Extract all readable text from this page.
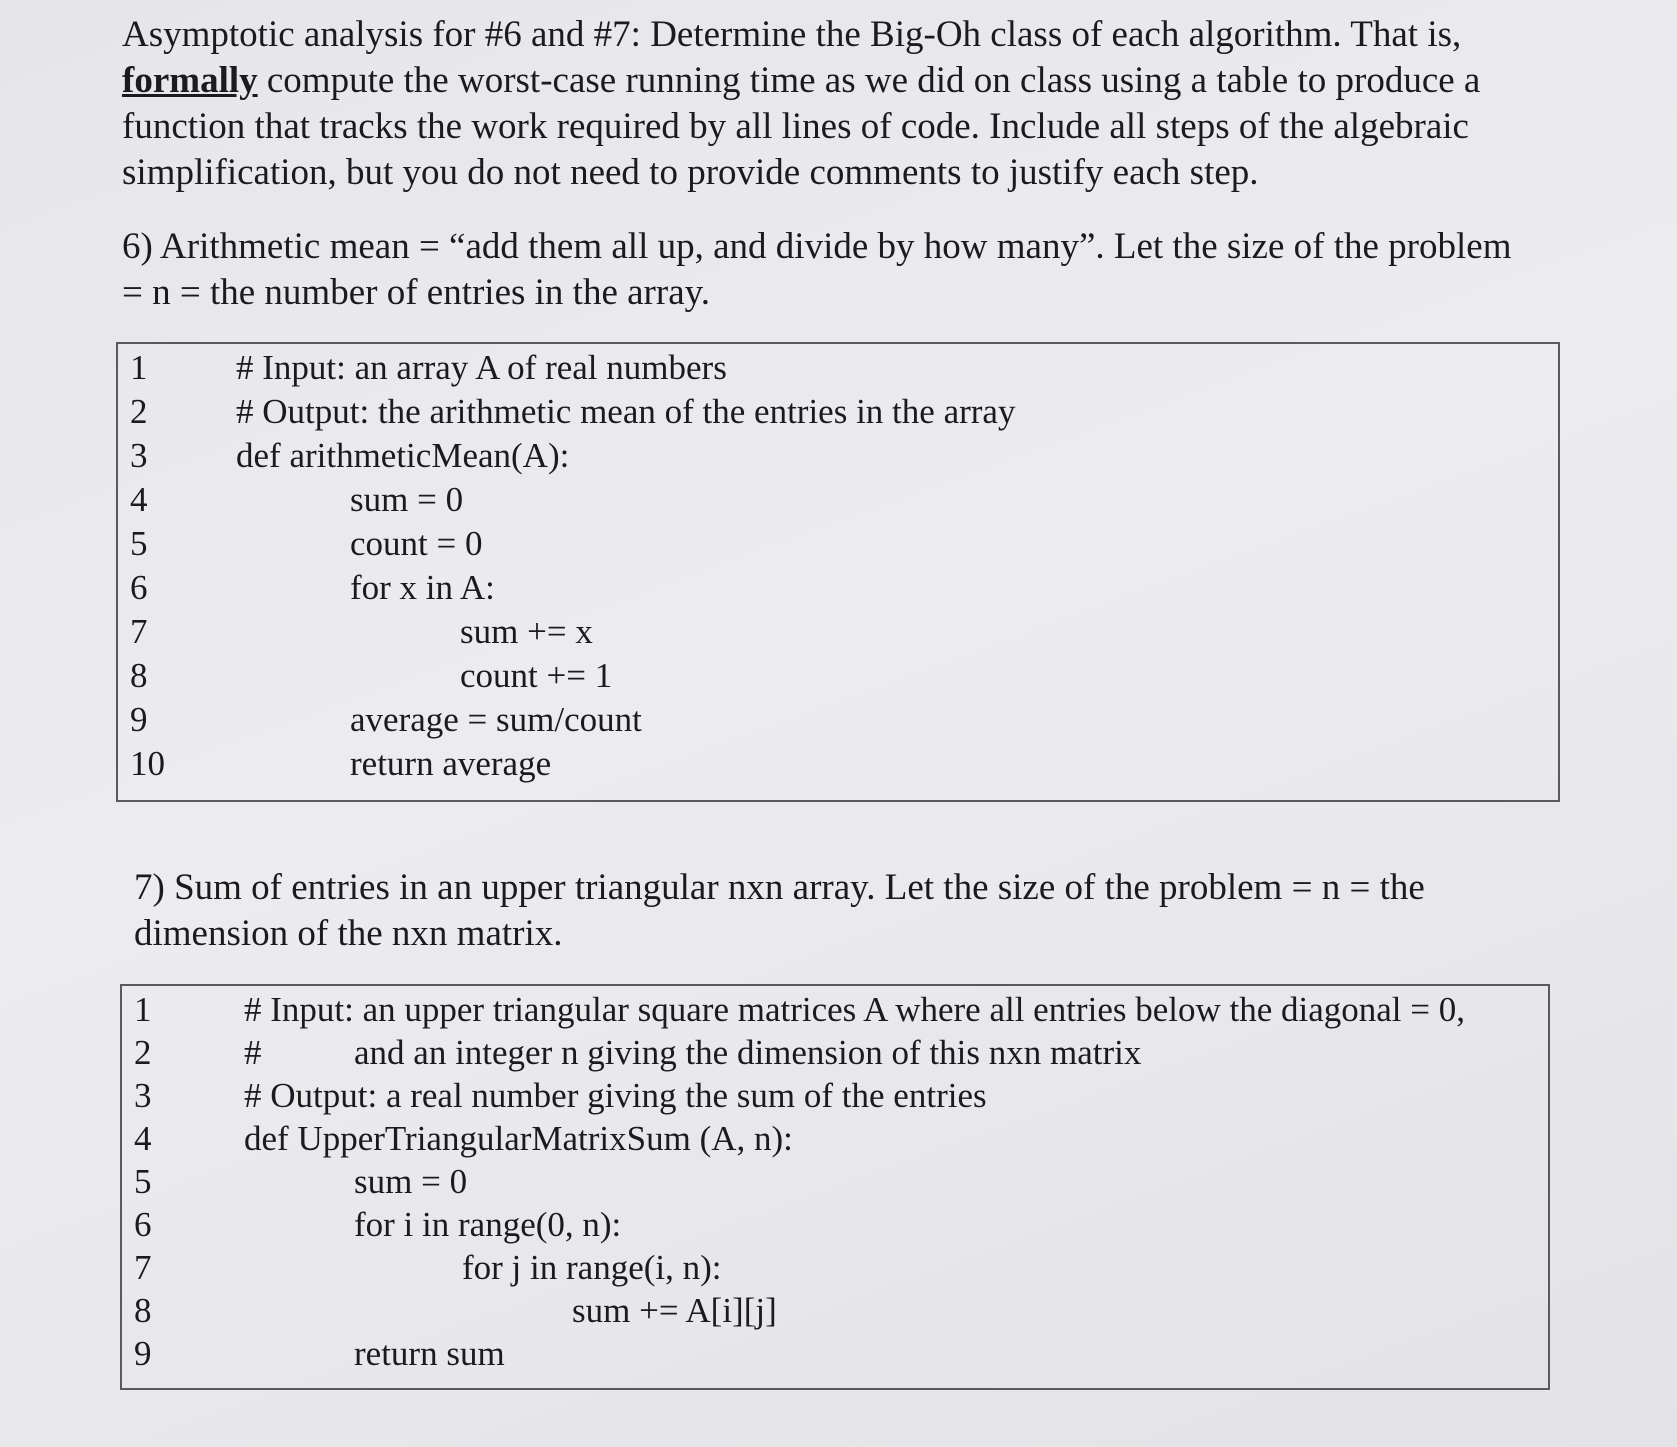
Asymptotic analysis for #6 and #7: Determine the Big-Oh class of each algorithm. That is,

formally compute the worst-case running time as we did on class using a table to produce a

function that tracks the work required by all lines of code. Include all steps of the algebraic

simplification, but you do not need to provide comments to justify each step.

6) Arithmetic mean = “add them all up, and divide by how many”. Let the size of the problem

= n = the number of entries in the array.

1	# Input: an array A of real numbers
2	# Output: the arithmetic mean of the entries in the array
3	def arithmeticMean(A):
4	sum = 0
5	count = 0
6	for x in A:
7	sum += x
8	count += 1
9	average = sum/count
10	return average

7) Sum of entries in an upper triangular nxn array. Let the size of the problem = n = the

dimension of the nxn matrix.

1	# Input: an upper triangular square matrices A where all entries below the diagonal = 0,
2	#	and an integer n giving the dimension of this nxn matrix
3	# Output: a real number giving the sum of the entries
4	def UpperTriangularMatrixSum (A, n):
5	sum = 0
6	for i in range(0, n):
7	for j in range(i, n):
8	sum += A[i][j]
9	return sum
